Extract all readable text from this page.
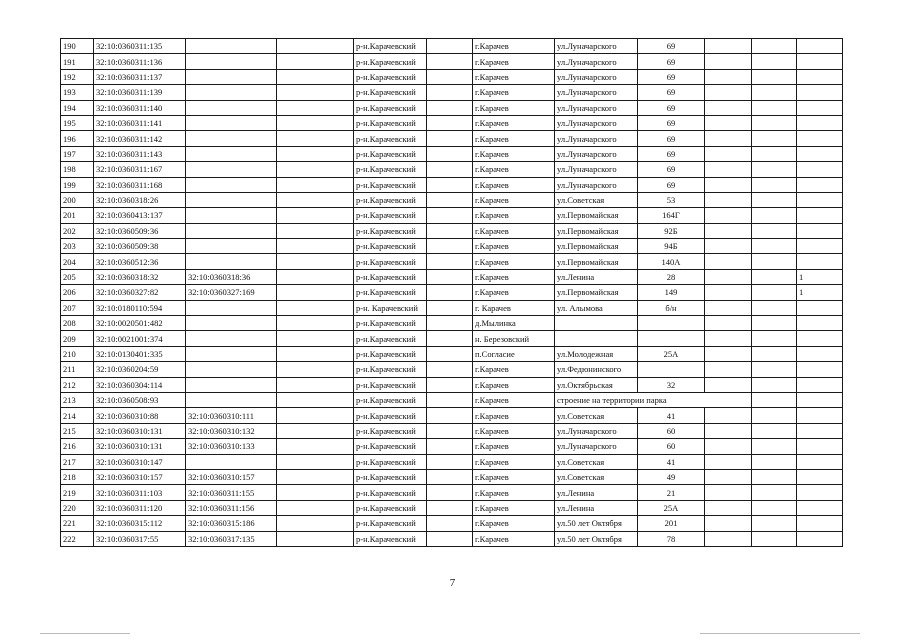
190	32:10:0360311:135			р-н.Карачевский		г.Карачев	ул.Луначарского	69			
191	32:10:0360311:136			р-н.Карачевский		г.Карачев	ул.Луначарского	69			
192	32:10:0360311:137			р-н.Карачевский		г.Карачев	ул.Луначарского	69			
193	32:10:0360311:139			р-н.Карачевский		г.Карачев	ул.Луначарского	69			
194	32:10:0360311:140			р-н.Карачевский		г.Карачев	ул.Луначарского	69			
195	32:10:0360311:141			р-н.Карачевский		г.Карачев	ул.Луначарского	69			
196	32:10:0360311:142			р-н.Карачевский		г.Карачев	ул.Луначарского	69			
197	32:10:0360311:143			р-н.Карачевский		г.Карачев	ул.Луначарского	69			
198	32:10:0360311:167			р-н.Карачевский		г.Карачев	ул.Луначарского	69			
199	32:10:0360311:168			р-н.Карачевский		г.Карачев	ул.Луначарского	69			
200	32:10:0360318:26			р-н.Карачевский		г.Карачев	ул.Советская	53			
201	32:10:0360413:137			р-н.Карачевский		г.Карачев	ул.Первомайская	164Г			
202	32:10:0360509:36			р-н.Карачевский		г.Карачев	ул.Первомайская	92Б			
203	32:10:0360509:38			р-н.Карачевский		г.Карачев	ул.Первомайская	94Б			
204	32:10:0360512:36			р-н.Карачевский		г.Карачев	ул.Первомайская	140А			
205	32:10:0360318:32	32:10:0360318:36		р-н.Карачевский		г.Карачев	ул.Ленина	28			1
206	32:10:0360327:82	32:10:0360327:169		р-н.Карачевский		г.Карачев	ул.Первомайская	149			1
207	32:10:0180110:594			р-н. Карачевский		г. Карачев	ул. Алымова	б/н			
208	32:10:0020501:482			р-н.Карачевский		д.Мылинка					
209	32:10:0021001:374			р-н.Карачевский		н. Березовский					
210	32:10:0130401:335			р-н.Карачевский		п.Согласие	ул.Молодежная	25А			
211	32:10:0360204:59			р-н.Карачевский		г.Карачев	ул.Федюнинского				
212	32:10:0360304:114			р-н.Карачевский		г.Карачев	ул.Октябрьская	32			
213	32:10:0360508:93			р-н.Карачевский		г.Карачев	строение на территории парка				
214	32:10:0360310:88	32:10:0360310:111		р-н.Карачевский		г.Карачев	ул.Советская	41			
215	32:10:0360310:131	32:10:0360310:132		р-н.Карачевский		г.Карачев	ул.Луначарского	60			
216	32:10:0360310:131	32:10:0360310:133		р-н.Карачевский		г.Карачев	ул.Луначарского	60			
217	32:10:0360310:147			р-н.Карачевский		г.Карачев	ул.Советская	41			
218	32:10:0360310:157	32:10:0360310:157		р-н.Карачевский		г.Карачев	ул.Советская	49			
219	32:10:0360311:103	32:10:0360311:155		р-н.Карачевский		г.Карачев	ул.Ленина	21			
220	32:10:0360311:120	32:10:0360311:156		р-н.Карачевский		г.Карачев	ул.Ленина	25А			
221	32:10:0360315:112	32:10:0360315:186		р-н.Карачевский		г.Карачев	ул.50 лет Октября	201			
222	32:10:0360317:55	32:10:0360317:135		р-н.Карачевский		г.Карачев	ул.50 лет Октября	78			
7
